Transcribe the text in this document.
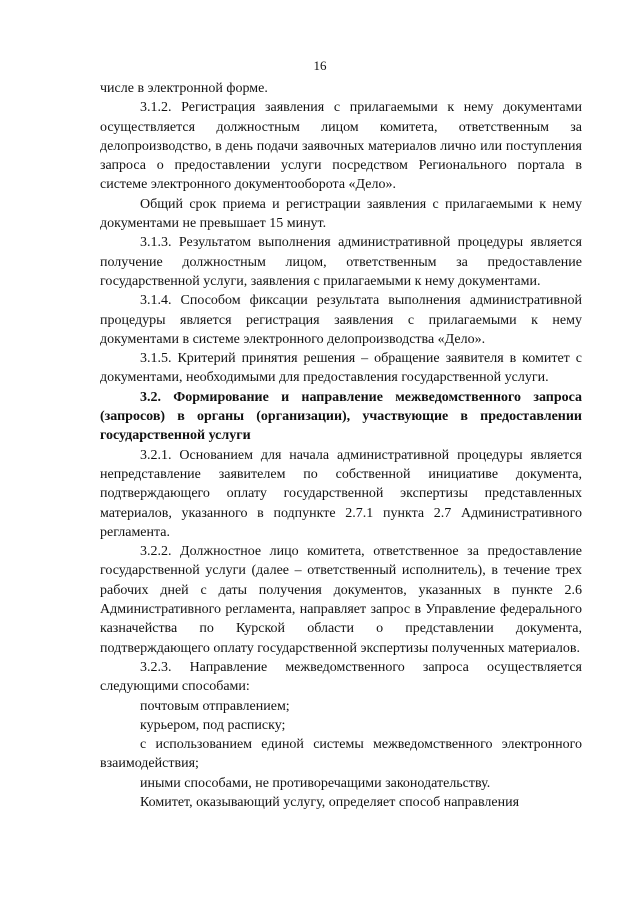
16

числе в электронной форме.

3.1.2. Регистрация заявления с прилагаемыми к нему документами осуществляется должностным лицом комитета, ответственным за делопроизводство, в день подачи заявочных материалов лично или поступления запроса о предоставлении услуги посредством Регионального портала в системе электронного документооборота «Дело».

Общий срок приема и регистрации заявления с прилагаемыми к нему документами не превышает 15 минут.

3.1.3. Результатом выполнения административной процедуры является получение должностным лицом, ответственным за предоставление государственной услуги, заявления с прилагаемыми к нему документами.

3.1.4. Способом фиксации результата выполнения административной процедуры является регистрация заявления с прилагаемыми к нему документами в системе электронного делопроизводства «Дело».

3.1.5. Критерий принятия решения – обращение заявителя в комитет с документами, необходимыми для предоставления государственной услуги.

3.2. Формирование и направление межведомственного запроса (запросов) в органы (организации), участвующие в предоставлении государственной услуги

3.2.1. Основанием для начала административной процедуры является непредставление заявителем по собственной инициативе документа, подтверждающего оплату государственной экспертизы представленных материалов, указанного в подпункте 2.7.1 пункта 2.7 Административного регламента.

3.2.2. Должностное лицо комитета, ответственное за предоставление государственной услуги (далее – ответственный исполнитель), в течение трех рабочих дней с даты получения документов, указанных в пункте 2.6 Административного регламента, направляет запрос в Управление федерального казначейства по Курской области о представлении документа, подтверждающего оплату государственной экспертизы полученных материалов.

3.2.3. Направление межведомственного запроса осуществляется следующими способами:

почтовым отправлением;

курьером, под расписку;

с использованием единой системы межведомственного электронного взаимодействия;

иными способами, не противоречащими законодательству.

Комитет, оказывающий услугу, определяет способ направления
